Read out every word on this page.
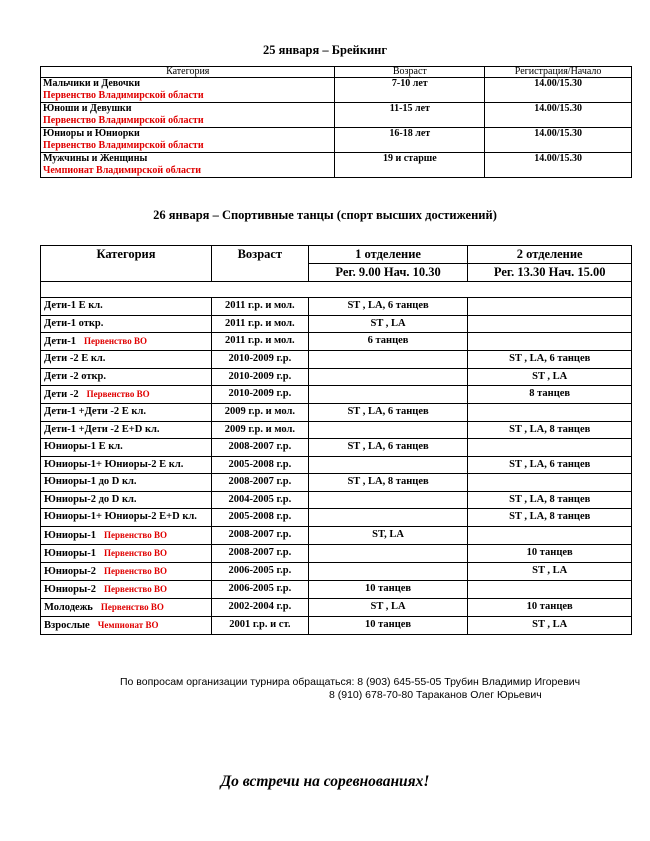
25 января – Брейкинг
Категория	Возраст	Регистрация/Начало

Мальчики и Девочки
Первенство Владимирской области	7-10 лет	14.00/15.30

Юноши и Девушки
Первенство Владимирской области	11-15 лет	14.00/15.30

Юниоры и Юниорки
Первенство Владимирской области	16-18 лет	14.00/15.30

Мужчины и Женщины
Чемпионат Владимирской области	19 и старше	14.00/15.30
26 января – Спортивные танцы (спорт высших достижений)
Категория	Возраст	1 отделение	2 отделение
		Рег. 9.00 Нач. 10.30	Рег. 13.30 Нач. 15.00

Дети-1 Е кл.	2011 г.р. и мол.	ST , LA, 6 танцев	
Дети-1 откр.	2011 г.р. и мол.	ST , LA	
Дети-1 Первенство ВО	2011 г.р. и мол.	6 танцев	
Дети -2 Е кл.	2010-2009 г.р.		ST , LA, 6 танцев
Дети -2 откр.	2010-2009 г.р.		ST , LA
Дети -2 Первенство ВО	2010-2009 г.р.		8 танцев
Дети-1 +Дети -2 Е кл.	2009 г.р. и мол.	ST , LA, 6 танцев	
Дети-1 +Дети -2 Е+D кл.	2009 г.р. и мол.		ST , LA, 8 танцев
Юниоры-1 Е кл.	2008-2007 г.р.	ST , LA, 6 танцев	
Юниоры-1+ Юниоры-2 Е кл.	2005-2008 г.р.		ST , LA, 6 танцев
Юниоры-1 до D кл.	2008-2007 г.р.	ST , LA, 8 танцев	
Юниоры-2 до D кл.	2004-2005 г.р.		ST , LA, 8 танцев
Юниоры-1+ Юниоры-2 Е+D кл.	2005-2008 г.р.		ST , LA, 8 танцев
Юниоры-1 Первенство ВО	2008-2007 г.р.	ST, LA	
Юниоры-1 Первенство ВО	2008-2007 г.р.		10 танцев
Юниоры-2 Первенство ВО	2006-2005 г.р.		ST , LA
Юниоры-2 Первенство ВО	2006-2005 г.р.	10 танцев	
Молодежь Первенство ВО	2002-2004 г.р.	ST , LA	10 танцев
Взрослые Чемпионат ВО	2001 г.р. и ст.	10 танцев	ST , LA
По вопросам организации турнира обращаться: 8 (903) 645-55-05 Трубин Владимир Игоревич
8 (910) 678-70-80 Тараканов Олег Юрьевич
До встречи на соревнованиях!
